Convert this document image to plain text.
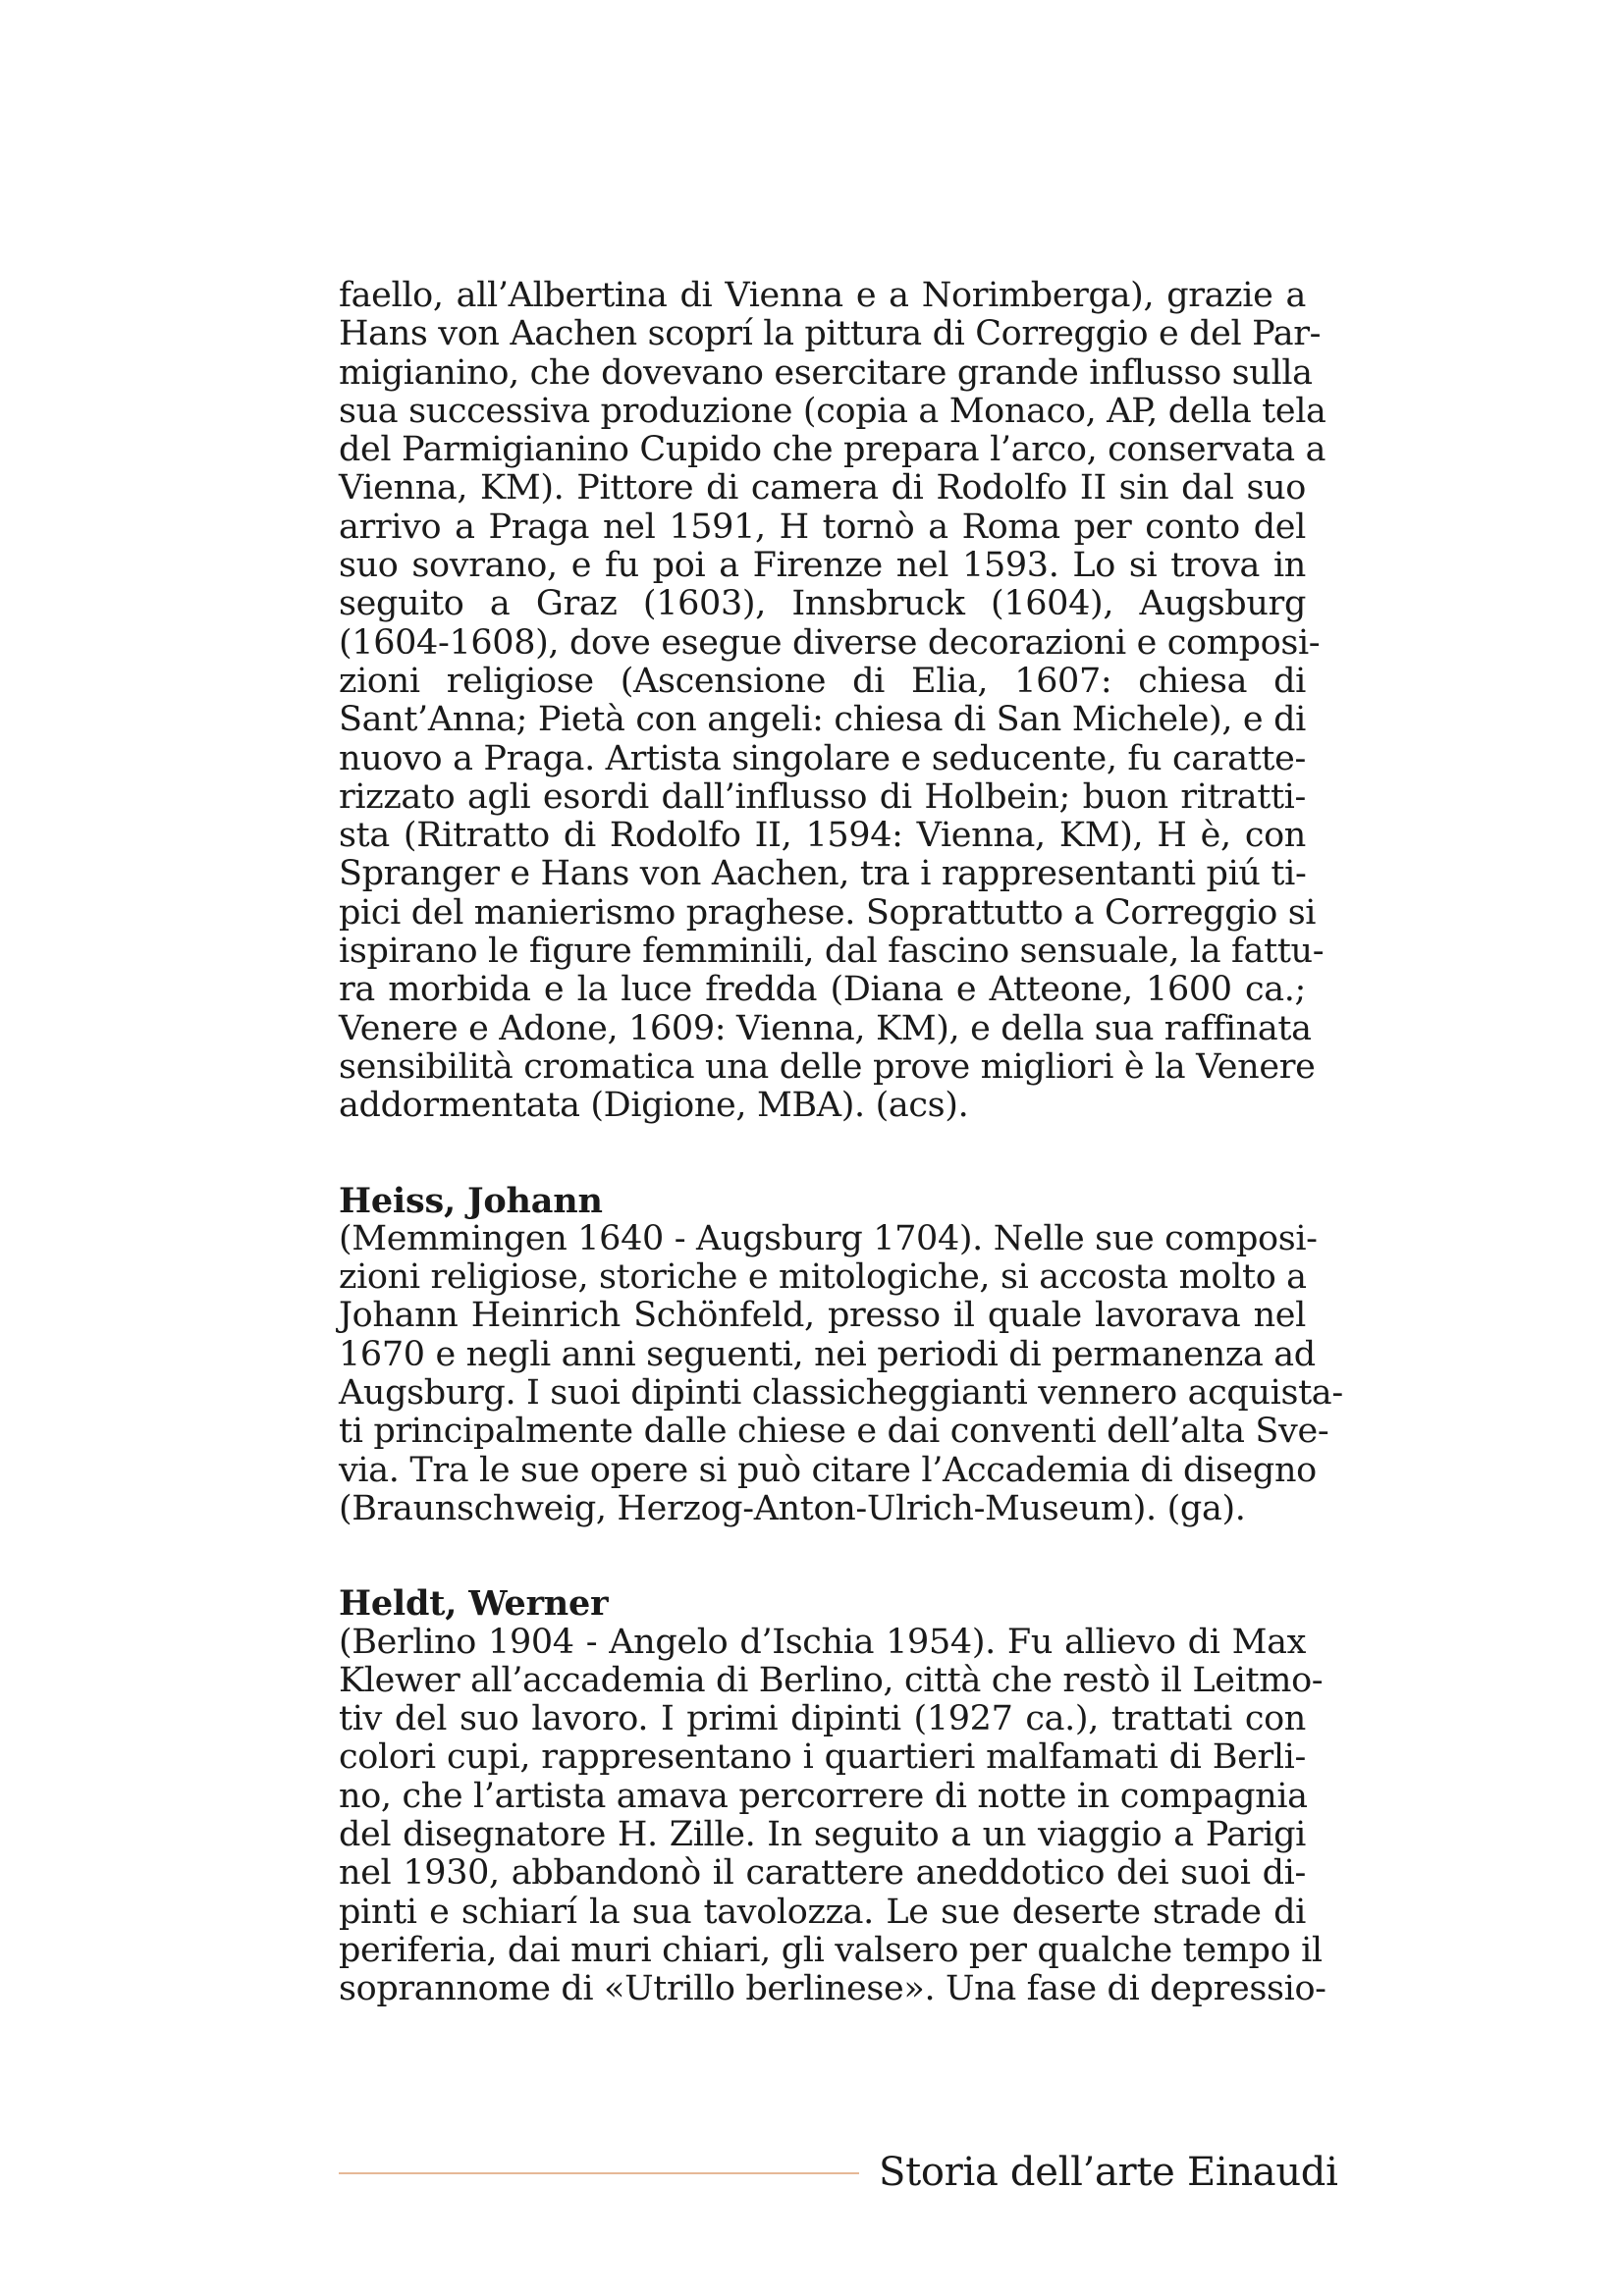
faello, all’Albertina di Vienna e a Norimberga), grazie a
Hans von Aachen scoprí la pittura di Correggio e del Par-
migianino, che dovevano esercitare grande influsso sulla
sua successiva produzione (copia a Monaco, AP, della tela
del Parmigianino Cupido che prepara l’arco, conservata a
Vienna, KM). Pittore di camera di Rodolfo II sin dal suo
arrivo a Praga nel 1591, H tornò a Roma per conto del
suo sovrano, e fu poi a Firenze nel 1593. Lo si trova in
seguito a Graz (1603), Innsbruck (1604), Augsburg
(1604-1608), dove esegue diverse decorazioni e composi-
zioni religiose (Ascensione di Elia, 1607: chiesa di
Sant’Anna; Pietà con angeli: chiesa di San Michele), e di
nuovo a Praga. Artista singolare e seducente, fu caratte-
rizzato agli esordi dall’influsso di Holbein; buon ritratti-
sta (Ritratto di Rodolfo II, 1594: Vienna, KM), H è, con
Spranger e Hans von Aachen, tra i rappresentanti piú ti-
pici del manierismo praghese. Soprattutto a Correggio si
ispirano le figure femminili, dal fascino sensuale, la fattu-
ra morbida e la luce fredda (Diana e Atteone, 1600 ca.;
Venere e Adone, 1609: Vienna, KM), e della sua raffinata
sensibilità cromatica una delle prove migliori è la Venere
addormentata (Digione, MBA). (acs).
Heiss, Johann
(Memmingen 1640 - Augsburg 1704). Nelle sue composi-
zioni religiose, storiche e mitologiche, si accosta molto a
Johann Heinrich Schönfeld, presso il quale lavorava nel
1670 e negli anni seguenti, nei periodi di permanenza ad
Augsburg. I suoi dipinti classicheggianti vennero acquista-
ti principalmente dalle chiese e dai conventi dell’alta Sve-
via. Tra le sue opere si può citare l’Accademia di disegno
(Braunschweig, Herzog-Anton-Ulrich-Museum). (ga).
Heldt, Werner
(Berlino 1904 - Angelo d’Ischia 1954). Fu allievo di Max
Klewer all’accademia di Berlino, città che restò il Leitmo-
tiv del suo lavoro. I primi dipinti (1927 ca.), trattati con
colori cupi, rappresentano i quartieri malfamati di Berli-
no, che l’artista amava percorrere di notte in compagnia
del disegnatore H. Zille. In seguito a un viaggio a Parigi
nel 1930, abbandonò il carattere aneddotico dei suoi di-
pinti e schiarí la sua tavolozza. Le sue deserte strade di
periferia, dai muri chiari, gli valsero per qualche tempo il
soprannome di «Utrillo berlinese». Una fase di depressio-
Storia dell’arte Einaudi
